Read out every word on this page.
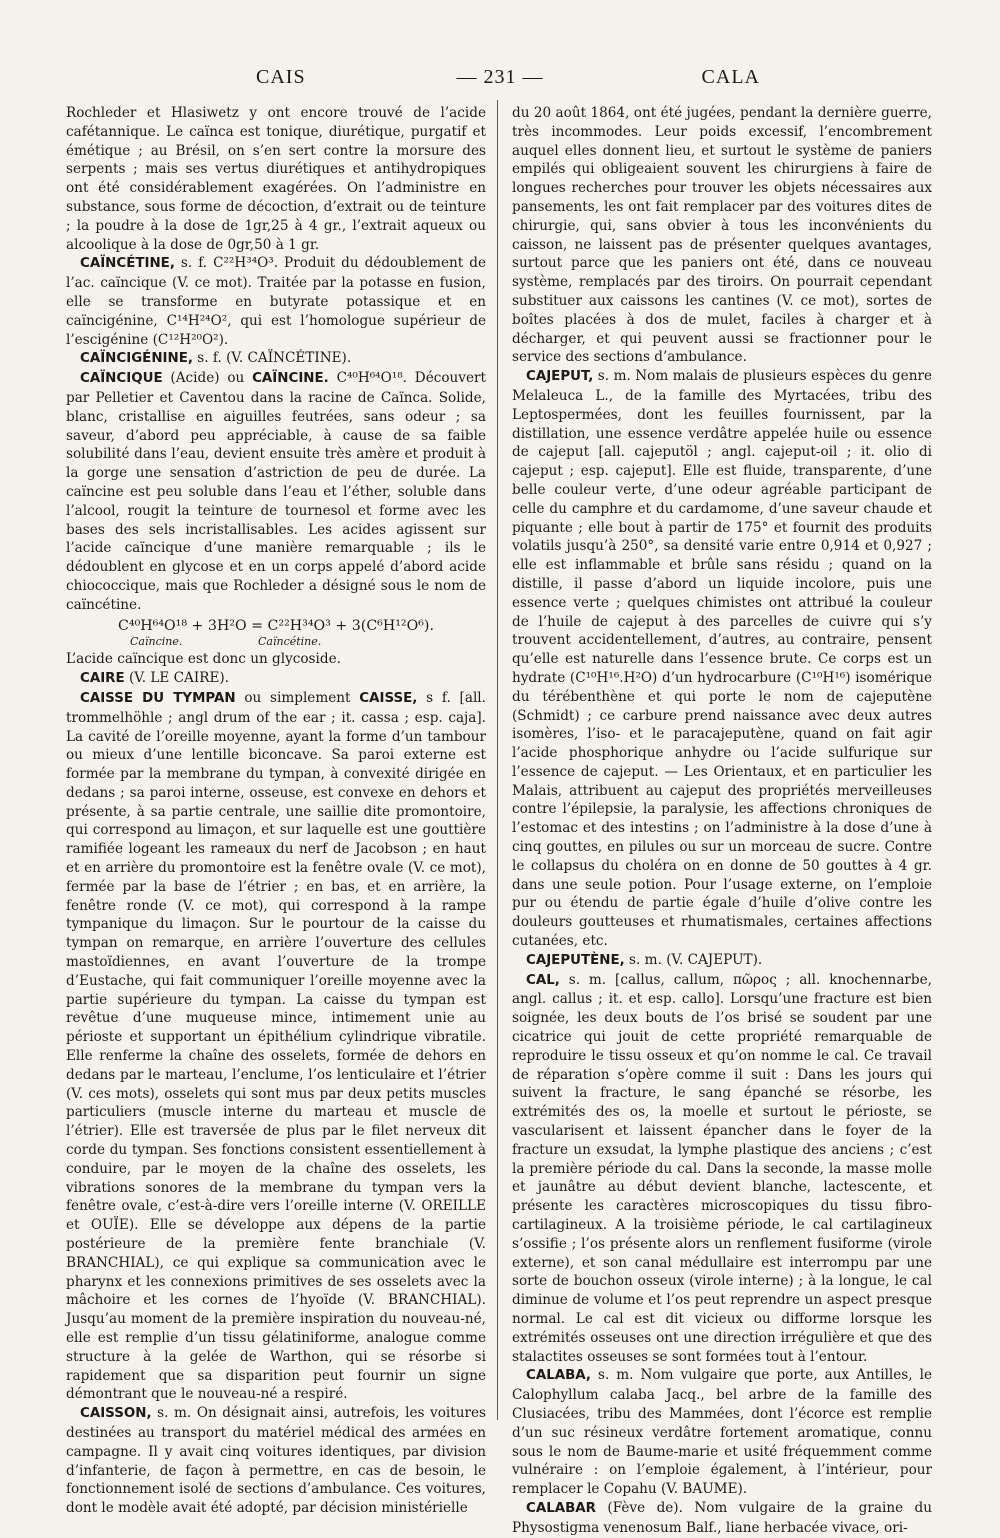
CAIS	— 231 —	CALA

Rochleder et Hlasiwetz y ont encore trouvé de l’acide cafétannique. Le caïnca est tonique, diurétique, purgatif et émétique ; au Brésil, on s’en sert contre la morsure des serpents ; mais ses vertus diurétiques et antihydropiques ont été considérablement exagérées. On l’administre en substance, sous forme de décoction, d’extrait ou de teinture ; la poudre à la dose de 1gr,25 à 4 gr., l’extrait aqueux ou alcoolique à la dose de 0gr,50 à 1 gr.

CAÏNCÉTINE, s. f. C²²H³⁴O³. Produit du dédoublement de l’ac. caïncique (V. ce mot). Traitée par la potasse en fusion, elle se transforme en butyrate potassique et en caïncigénine, C¹⁴H²⁴O², qui est l’homologue supérieur de l’escigénine (C¹²H²⁰O²).

CAÏNCIGÉNINE, s. f. (V. CAÏNCÉTINE).

CAÏNCIQUE (Acide) ou CAÏNCINE. C⁴⁰H⁶⁴O¹⁸. Découvert par Pelletier et Caventou dans la racine de Caïnca. Solide, blanc, cristallise en aiguilles feutrées, sans odeur ; sa saveur, d’abord peu appréciable, à cause de sa faible solubilité dans l’eau, devient ensuite très amère et produit à la gorge une sensation d’astriction de peu de durée. La caïncine est peu soluble dans l’eau et l’éther, soluble dans l’alcool, rougit la teinture de tournesol et forme avec les bases des sels incristallisables. Les acides agissent sur l’acide caïncique d’une manière remarquable ; ils le dédoublent en glycose et en un corps appelé d’abord acide chiococcique, mais que Rochleder a désigné sous le nom de caïncétine.

C⁴⁰H⁶⁴O¹⁸ + 3H²O = C²²H³⁴O³ + 3(C⁶H¹²O⁶).
Caïncine.	Caïncétine.

L’acide caïncique est donc un glycoside.

CAIRE (V. LE CAIRE).

CAISSE DU TYMPAN ou simplement CAISSE, s f. [all. trommelhöhle ; angl drum of the ear ; it. cassa ; esp. caja]. La cavité de l’oreille moyenne, ayant la forme d’un tambour ou mieux d’une lentille biconcave. Sa paroi externe est formée par la membrane du tympan, à convexité dirigée en dedans ; sa paroi interne, osseuse, est convexe en dehors et présente, à sa partie centrale, une saillie dite promontoire, qui correspond au limaçon, et sur laquelle est une gouttière ramifiée logeant les rameaux du nerf de Jacobson ; en haut et en arrière du promontoire est la fenêtre ovale (V. ce mot), fermée par la base de l’étrier ; en bas, et en arrière, la fenêtre ronde (V. ce mot), qui correspond à la rampe tympanique du limaçon. Sur le pourtour de la caisse du tympan on remarque, en arrière l’ouverture des cellules mastoïdiennes, en avant l’ouverture de la trompe d’Eustache, qui fait communiquer l’oreille moyenne avec la partie supérieure du tympan. La caisse du tympan est revêtue d’une muqueuse mince, intimement unie au périoste et supportant un épithélium cylindrique vibratile. Elle renferme la chaîne des osselets, formée de dehors en dedans par le marteau, l’enclume, l’os lenticulaire et l’étrier (V. ces mots), osselets qui sont mus par deux petits muscles particuliers (muscle interne du marteau et muscle de l’étrier). Elle est traversée de plus par le filet nerveux dit corde du tympan. Ses fonctions consistent essentiellement à conduire, par le moyen de la chaîne des osselets, les vibrations sonores de la membrane du tympan vers la fenêtre ovale, c’est-à-dire vers l’oreille interne (V. OREILLE et OUÏE). Elle se développe aux dépens de la partie postérieure de la première fente branchiale (V. BRANCHIAL), ce qui explique sa communication avec le pharynx et les connexions primitives de ses osselets avec la mâchoire et les cornes de l’hyoïde (V. BRANCHIAL). Jusqu’au moment de la première inspiration du nouveau-né, elle est remplie d’un tissu gélatiniforme, analogue comme structure à la gelée de Warthon, qui se résorbe si rapidement que sa disparition peut fournir un signe démontrant que le nouveau-né a respiré.

CAISSON, s. m. On désignait ainsi, autrefois, les voitures destinées au transport du matériel médical des armées en campagne. Il y avait cinq voitures identiques, par division d’infanterie, de façon à permettre, en cas de besoin, le fonctionnement isolé de sections d’ambulance. Ces voitures, dont le modèle avait été adopté, par décision ministérielle

du 20 août 1864, ont été jugées, pendant la dernière guerre, très incommodes. Leur poids excessif, l’encombrement auquel elles donnent lieu, et surtout le système de paniers empilés qui obligeaient souvent les chirurgiens à faire de longues recherches pour trouver les objets nécessaires aux pansements, les ont fait remplacer par des voitures dites de chirurgie, qui, sans obvier à tous les inconvénients du caisson, ne laissent pas de présenter quelques avantages, surtout parce que les paniers ont été, dans ce nouveau système, remplacés par des tiroirs. On pourrait cependant substituer aux caissons les cantines (V. ce mot), sortes de boîtes placées à dos de mulet, faciles à charger et à décharger, et qui peuvent aussi se fractionner pour le service des sections d’ambulance.

CAJEPUT, s. m. Nom malais de plusieurs espèces du genre Melaleuca L., de la famille des Myrtacées, tribu des Leptospermées, dont les feuilles fournissent, par la distillation, une essence verdâtre appelée huile ou essence de cajeput [all. cajeputöl ; angl. cajeput-oil ; it. olio di cajeput ; esp. cajeput]. Elle est fluide, transparente, d’une belle couleur verte, d’une odeur agréable participant de celle du camphre et du cardamome, d’une saveur chaude et piquante ; elle bout à partir de 175° et fournit des produits volatils jusqu’à 250°, sa densité varie entre 0,914 et 0,927 ; elle est inflammable et brûle sans résidu ; quand on la distille, il passe d’abord un liquide incolore, puis une essence verte ; quelques chimistes ont attribué la couleur de l’huile de cajeput à des parcelles de cuivre qui s’y trouvent accidentellement, d’autres, au contraire, pensent qu’elle est naturelle dans l’essence brute. Ce corps est un hydrate (C¹⁰H¹⁶.H²O) d’un hydrocarbure (C¹⁰H¹⁶) isomérique du térébenthène et qui porte le nom de cajeputène (Schmidt) ; ce carbure prend naissance avec deux autres isomères, l’iso- et le paracajeputène, quand on fait agir l’acide phosphorique anhydre ou l’acide sulfurique sur l’essence de cajeput. — Les Orientaux, et en particulier les Malais, attribuent au cajeput des propriétés merveilleuses contre l’épilepsie, la paralysie, les affections chroniques de l’estomac et des intestins ; on l’administre à la dose d’une à cinq gouttes, en pilules ou sur un morceau de sucre. Contre le collapsus du choléra on en donne de 50 gouttes à 4 gr. dans une seule potion. Pour l’usage externe, on l’emploie pur ou étendu de partie égale d’huile d’olive contre les douleurs goutteuses et rhumatismales, certaines affections cutanées, etc.

CAJEPUTÈNE, s. m. (V. CAJEPUT).

CAL, s. m. [callus, callum, πῶρος ; all. knochennarbe, angl. callus ; it. et esp. callo]. Lorsqu’une fracture est bien soignée, les deux bouts de l’os brisé se soudent par une cicatrice qui jouit de cette propriété remarquable de reproduire le tissu osseux et qu’on nomme le cal. Ce travail de réparation s’opère comme il suit : Dans les jours qui suivent la fracture, le sang épanché se résorbe, les extrémités des os, la moelle et surtout le périoste, se vascularisent et laissent épancher dans le foyer de la fracture un exsudat, la lymphe plastique des anciens ; c’est la première période du cal. Dans la seconde, la masse molle et jaunâtre au début devient blanche, lactescente, et présente les caractères microscopiques du tissu fibro-cartilagineux. A la troisième période, le cal cartilagineux s’ossifie ; l’os présente alors un renflement fusiforme (virole externe), et son canal médullaire est interrompu par une sorte de bouchon osseux (virole interne) ; à la longue, le cal diminue de volume et l’os peut reprendre un aspect presque normal. Le cal est dit vicieux ou difforme lorsque les extrémités osseuses ont une direction irrégulière et que des stalactites osseuses se sont formées tout à l’entour.

CALABA, s. m. Nom vulgaire que porte, aux Antilles, le Calophyllum calaba Jacq., bel arbre de la famille des Clusiacées, tribu des Mammées, dont l’écorce est remplie d’un suc résineux verdâtre fortement aromatique, connu sous le nom de Baume-marie et usité fréquemment comme vulnéraire : on l’emploie également, à l’intérieur, pour remplacer le Copahu (V. BAUME).

CALABAR (Fève de). Nom vulgaire de la graine du Physostigma venenosum Balf., liane herbacée vivace, ori-
